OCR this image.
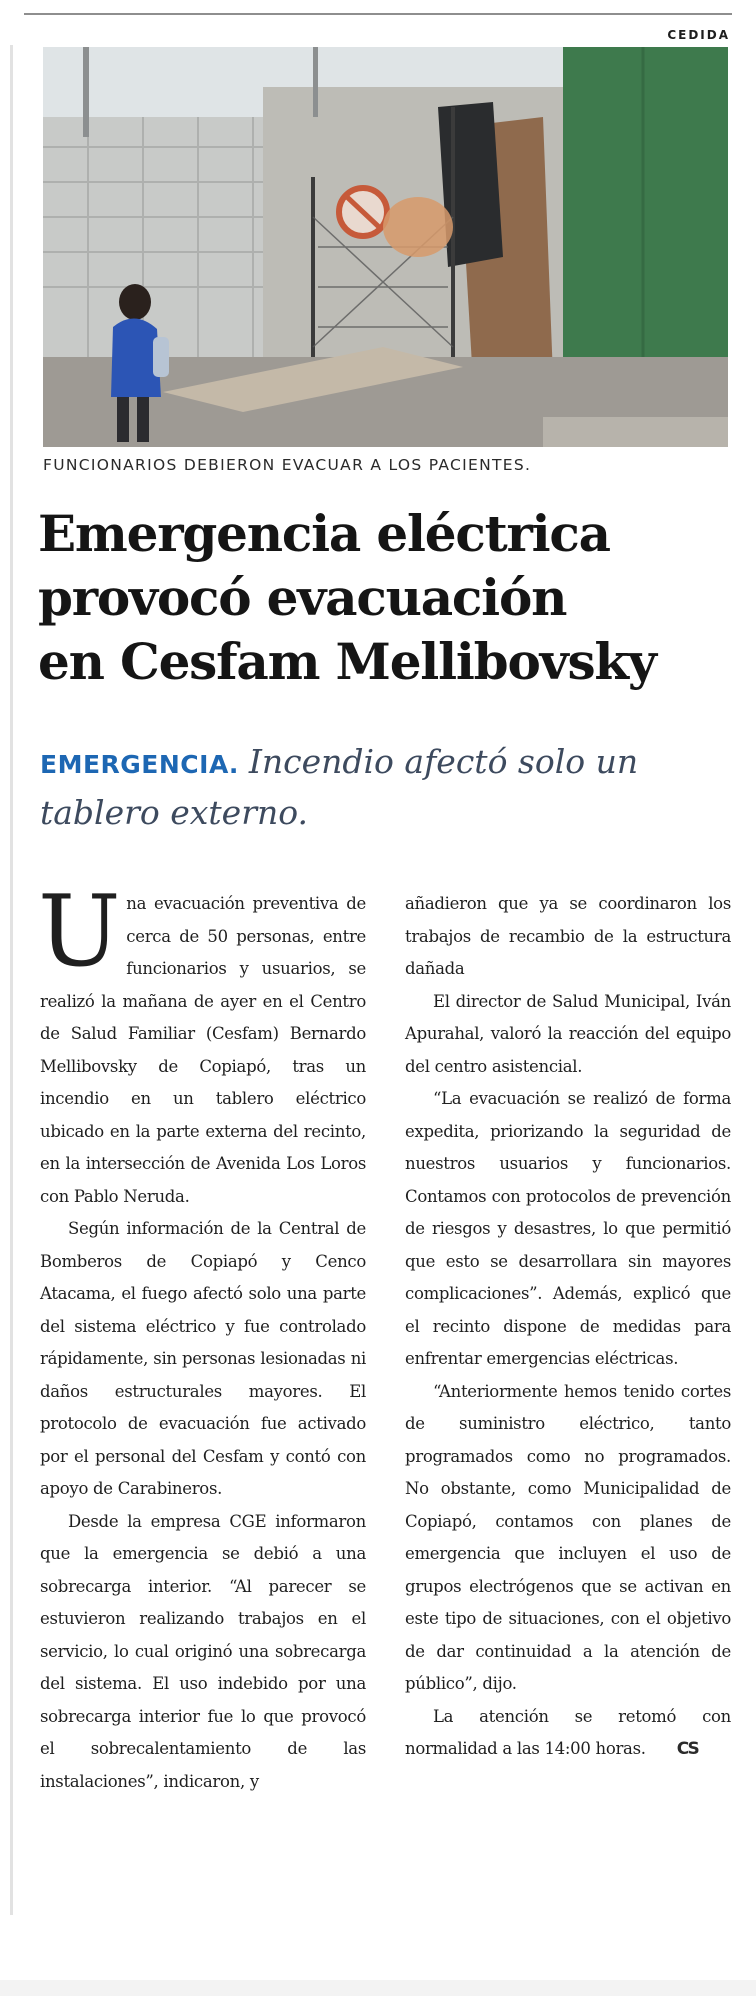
CEDIDA
FUNCIONARIOS DEBIERON EVACUAR A LOS PACIENTES.
Emergencia eléctrica
provocó evacuación
en Cesfam Mellibovsky
EMERGENCIA. Incendio afectó solo un
tablero externo.

Una evacuación preventiva de cerca de 50 personas, entre funcionarios y usuarios, se realizó la mañana de ayer en el Centro de Salud Familiar (Cesfam) Bernardo Mellibovsky de Copiapó, tras un incendio en un tablero eléctrico ubicado en la parte externa del recinto, en la intersección de Avenida Los Loros con Pablo Neruda.

Según información de la Central de Bomberos de Copiapó y Cenco Atacama, el fuego afectó solo una parte del sistema eléctrico y fue controlado rápidamente, sin personas lesionadas ni daños estructurales mayores. El protocolo de evacuación fue activado por el personal del Cesfam y contó con apoyo de Carabineros.

Desde la empresa CGE informaron que la emergencia se debió a una sobrecarga interior. “Al parecer se estuvieron realizando trabajos en el servicio, lo cual originó una sobrecarga del sistema. El uso indebido por una sobrecarga interior fue lo que provocó el sobrecalentamiento de las instalaciones”, indicaron, y

añadieron que ya se coordinaron los trabajos de recambio de la estructura dañada

El director de Salud Municipal, Iván Apurahal, valoró la reacción del equipo del centro asistencial.

“La evacuación se realizó de forma expedita, priorizando la seguridad de nuestros usuarios y funcionarios. Contamos con protocolos de prevención de riesgos y desastres, lo que permitió que esto se desarrollara sin mayores complicaciones”. Además, explicó que el recinto dispone de medidas para enfrentar emergencias eléctricas.

“Anteriormente hemos tenido cortes de suministro eléctrico, tanto programados como no programados. No obstante, como Municipalidad de Copiapó, contamos con planes de emergencia que incluyen el uso de grupos electrógenos que se activan en este tipo de situaciones, con el objetivo de dar continuidad a la atención de público”, dijo.

La atención se retomó con normalidad a las 14:00 horas. CS
